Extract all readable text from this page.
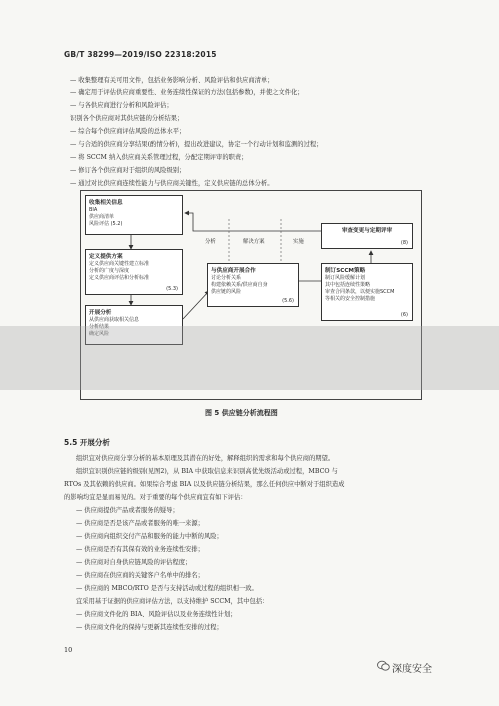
GB/T 38299—2019/ISO 22318:2015
— 收集整理有关可用文件，包括业务影响分析、风险评估和供应商清单；
— 确定用于评估供应商重要性、业务连续性保证的方法(包括参数)，并使之文件化；
— 与各供应商进行分析和风险评估；
识别各个供应商对其供应链的分析结果；
— 综合每个供应商评估风险的总体水平；
— 与合适的供应商分享结果(酌情分析)，提出改进建议，协定一个行动计划和监测的过程；
— 将 SCCM 纳入供应商关系管理过程，分配定期评审的职责；
— 修订各个供应商对于组织的风险级别；
— 通过对比供应商连续性能力与供应商关键性，定义供应链的总体分析。
收集相关信息
BIA
供应商清单
风险评估 (5.2)
定义提供方案
定义供应商关键性建立标准
分析的广度与深度
定义供应商评估和分析标准
(5.3)
开展分析
从供应商获取相关信息
分析结果
确定风险
与供应商开展合作
讨论分析关系
构建依赖关系/供应商自身
供应链的风险
(5.6)
审查变更与定期评审
(8)
制订SCCM策略
制订风险缓解计划
其中包括连续性策略
审查合同条款，以便实施SCCM
等相关的安全控制措施
(6)
分析	解决方案	实施
图 5 供应链分析流程图
5.5 开展分析
组织宜对供应商分享分析的基本原理及其潜在的好处，解释组织的需求和每个供应商的期望。
组织宜识别供应链的级别(见图2)，从 BIA 中获取信息来识别高优先级活动或过程，MBCO 与
RTOs 及其依赖的供应商。如果综合考虑 BIA 以及供应链分析结果，那么任何供应中断对于组织造成
的影响均宜是显而易见的。对于重要的每个供应商宜有如下评估：
— 供应商提供产品或者服务的疑导；
— 供应商是否是该产品或者服务的唯一来源；
— 供应商向组织交付产品和服务的能力中断的风险；
— 供应商是否有其保有效的业务连续性安排；
— 供应商对自身供应链风险的评估程度；
— 供应商在供应商的关键客户名单中的排名；
— 供应商的 MBCO/RTO 是否与支持活动或过程的组织相一致。
宜采用基于证据的供应商评估方法，以支持维护 SCCM，其中包括：
— 供应商文件化的 BIA、风险评估以及业务连续性计划；
— 供应商文件化的保持与更新其连续性安排的过程；
10
深度安全
